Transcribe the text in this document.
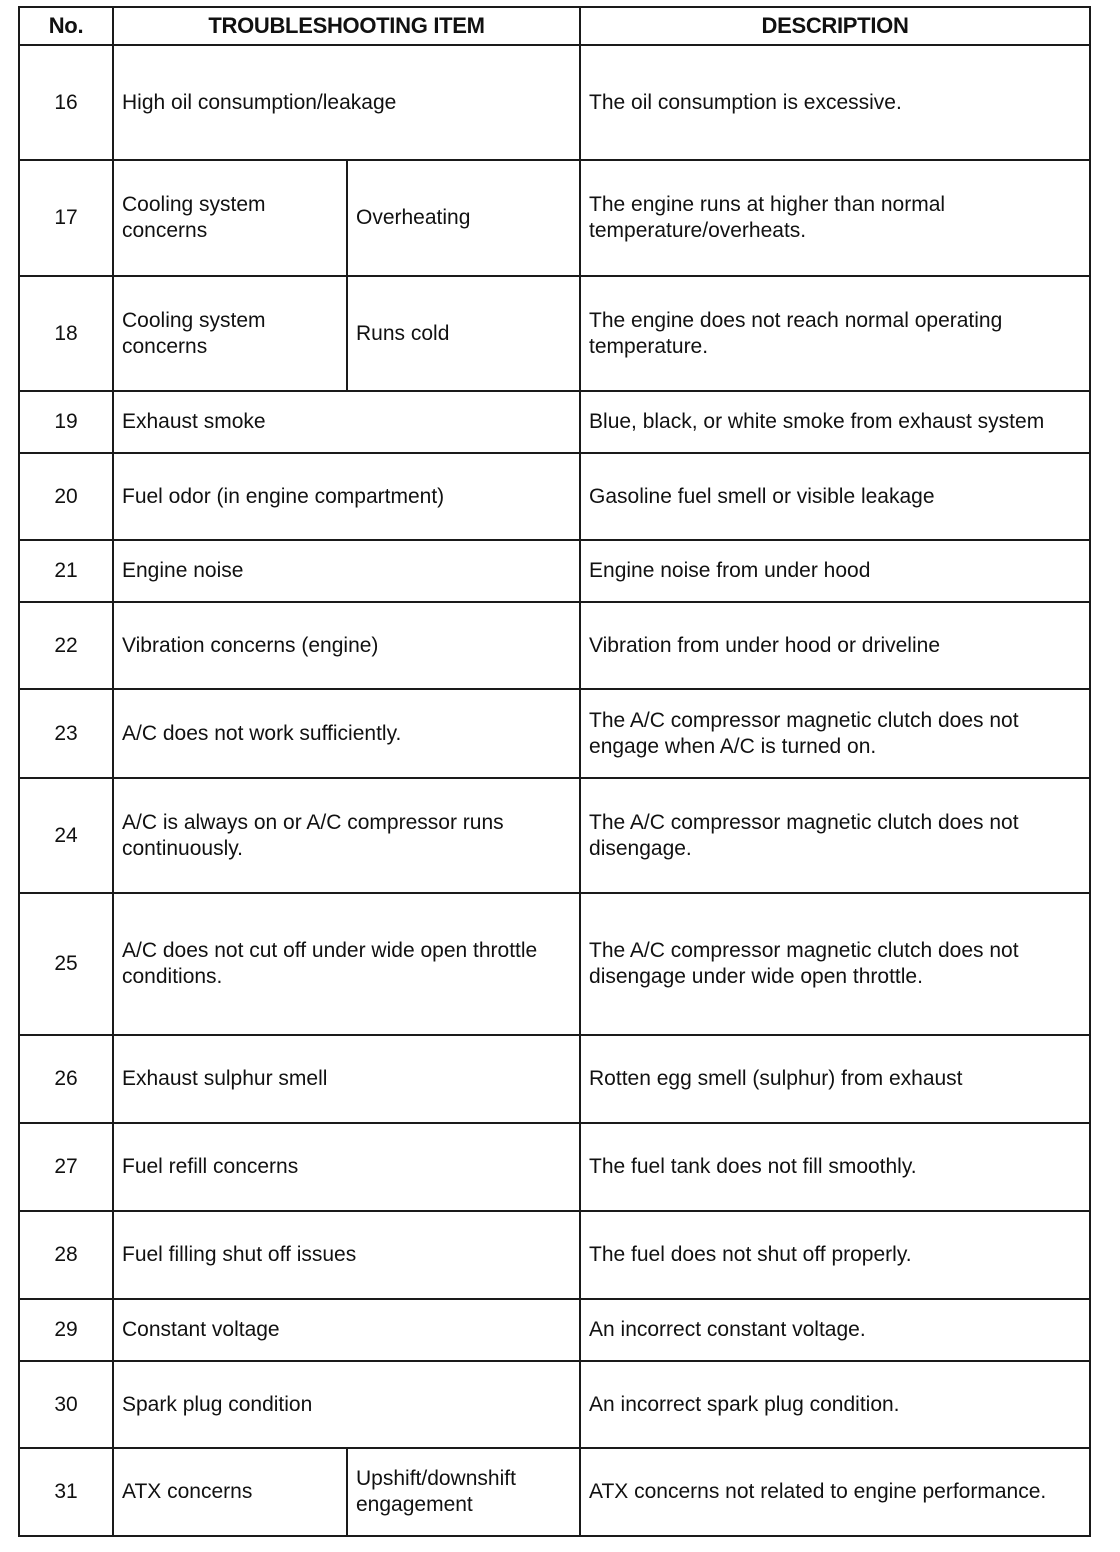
No.	TROUBLESHOOTING ITEM		DESCRIPTION
16	High oil consumption/leakage		The oil consumption is excessive.
17	Cooling system concerns	Overheating	The engine runs at higher than normal temperature/overheats.
18	Cooling system concerns	Runs cold	The engine does not reach normal operating temperature.
19	Exhaust smoke		Blue, black, or white smoke from exhaust system
20	Fuel odor (in engine compartment)		Gasoline fuel smell or visible leakage
21	Engine noise		Engine noise from under hood
22	Vibration concerns (engine)		Vibration from under hood or driveline
23	A/C does not work sufficiently.		The A/C compressor magnetic clutch does not engage when A/C is turned on.
24	A/C is always on or A/C compressor runs continuously.		The A/C compressor magnetic clutch does not disengage.
25	A/C does not cut off under wide open throttle conditions.		The A/C compressor magnetic clutch does not disengage under wide open throttle.
26	Exhaust sulphur smell		Rotten egg smell (sulphur) from exhaust
27	Fuel refill concerns		The fuel tank does not fill smoothly.
28	Fuel filling shut off issues		The fuel does not shut off properly.
29	Constant voltage		An incorrect constant voltage.
30	Spark plug condition		An incorrect spark plug condition.
31	ATX concerns	Upshift/downshift engagement	ATX concerns not related to engine performance.
